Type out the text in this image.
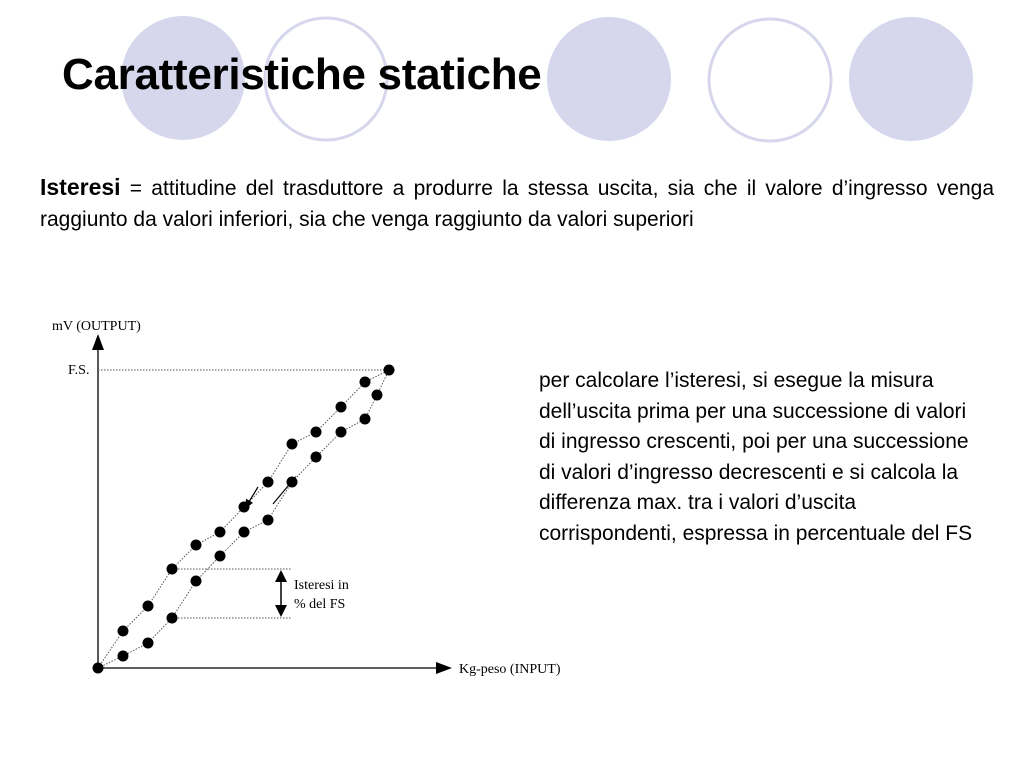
Caratteristiche statiche

Isteresi = attitudine del trasduttore a produrre la stessa uscita, sia che il valore d’ingresso venga raggiunto da valori inferiori, sia che venga raggiunto da valori superiori

mV (OUTPUT)
Kg-peso (INPUT)
F.S.
Isteresi in
% del FS

per calcolare l’isteresi, si esegue la misura dell’uscita prima per una successione di valori di ingresso crescenti, poi per una successione di valori d’ingresso decrescenti e si calcola la differenza max. tra i valori d’uscita corrispondenti, espressa in percentuale del FS
